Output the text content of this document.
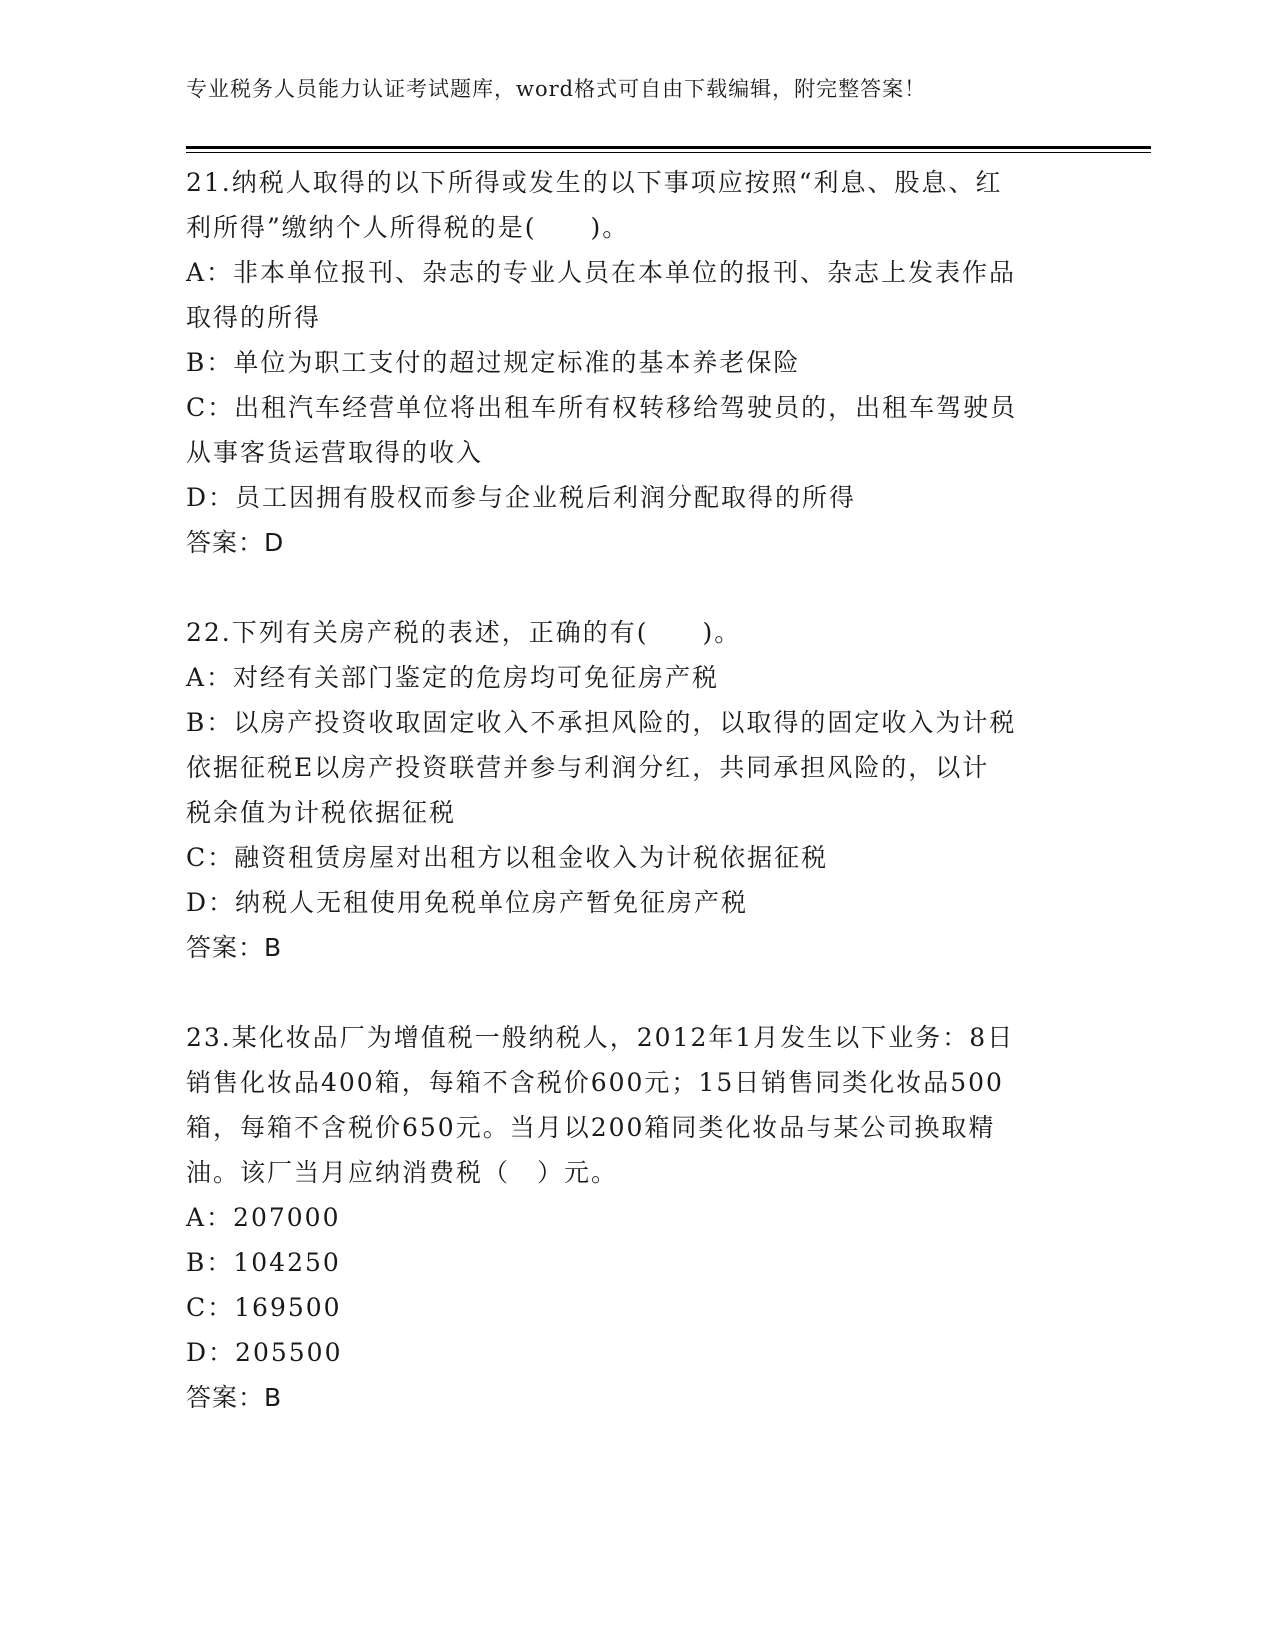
专业税务人员能力认证考试题库，word格式可自由下载编辑，附完整答案！

21.纳税人取得的以下所得或发生的以下事项应按照“利息、股息、红

利所得”缴纳个人所得税的是(　　)。

A：非本单位报刊、杂志的专业人员在本单位的报刊、杂志上发表作品

取得的所得

B：单位为职工支付的超过规定标准的基本养老保险

C：出租汽车经营单位将出租车所有权转移给驾驶员的，出租车驾驶员

从事客货运营取得的收入

D：员工因拥有股权而参与企业税后利润分配取得的所得

答案：D

22.下列有关房产税的表述，正确的有(　　)。

A：对经有关部门鉴定的危房均可免征房产税

B：以房产投资收取固定收入不承担风险的，以取得的固定收入为计税

依据征税E以房产投资联营并参与利润分红，共同承担风险的，以计

税余值为计税依据征税

C：融资租赁房屋对出租方以租金收入为计税依据征税

D：纳税人无租使用免税单位房产暂免征房产税

答案：B

23.某化妆品厂为增值税一般纳税人，2012年1月发生以下业务：8日

销售化妆品400箱，每箱不含税价600元；15日销售同类化妆品500

箱，每箱不含税价650元。当月以200箱同类化妆品与某公司换取精

油。该厂当月应纳消费税（　）元。

A：207000

B：104250

C：169500

D：205500

答案：B
